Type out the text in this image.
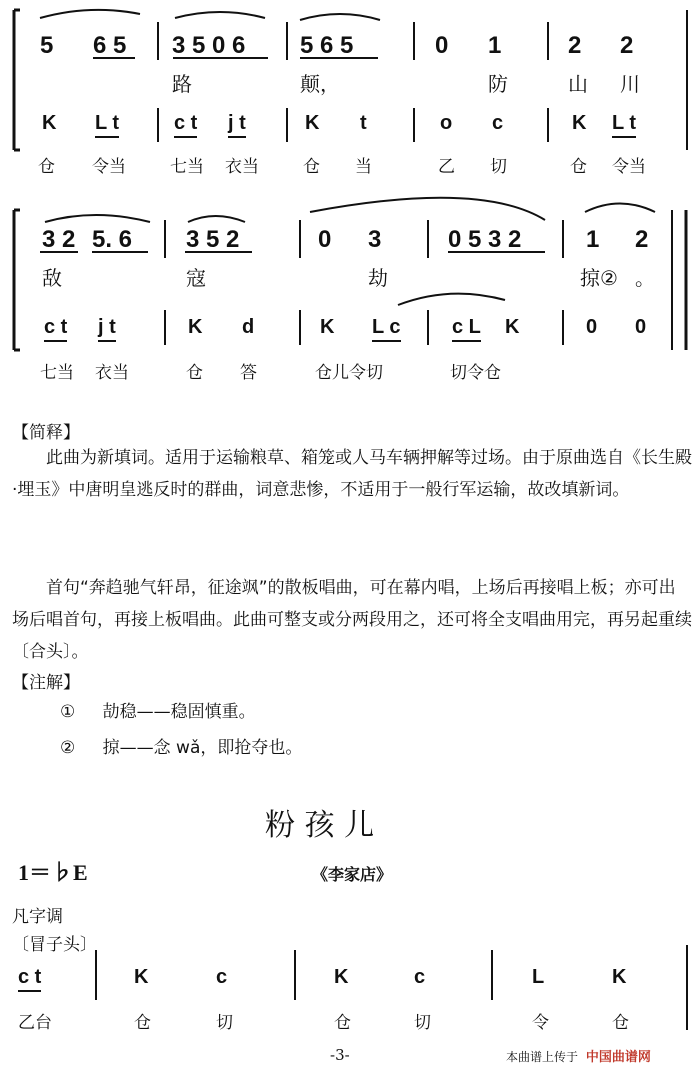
5 6 5 3 5 0 6 5 6 5	0 1	2 2
路	颠，	防	山 川
K L t	c t j t	K t	o c	K L t
仓 令当	七当 衣当	仓 当	乙 切	仓 令当
3 2 5. 6 3 5 2	0 3	0 5 3 2	1 2
敌	寇	劫	掠② 。
c t j t	K d	K L c	c L K	0 0
七当 衣当	仓 答	仓儿令切	切令仓
【简释】
此曲为新填词。适用于运输粮草、箱笼或人马车辆押解等过场。由于原曲选自《长生殿·埋玉》中唐明皇逃反时的群曲，词意悲惨，不适用于一般行军运输，故改填新词。
首句“奔趋驰气轩昂，征途飒”的散板唱曲，可在幕内唱，上场后再接唱上板；亦可出场后唱首句，再接上板唱曲。此曲可整支或分两段用之，还可将全支唱曲用完，再另起重续〔合头〕。
【注解】
① 劼稳——稳固慎重。
② 掠——念 wǎ，即抢夺也。
粉 孩 儿
1＝♭E	《李家店》
凡字调
〔冒子头〕
c t	K	c	K	c	L	K
乙台	仓	切	仓	切	令	仓
-3-	本曲谱上传于 中国曲谱网
